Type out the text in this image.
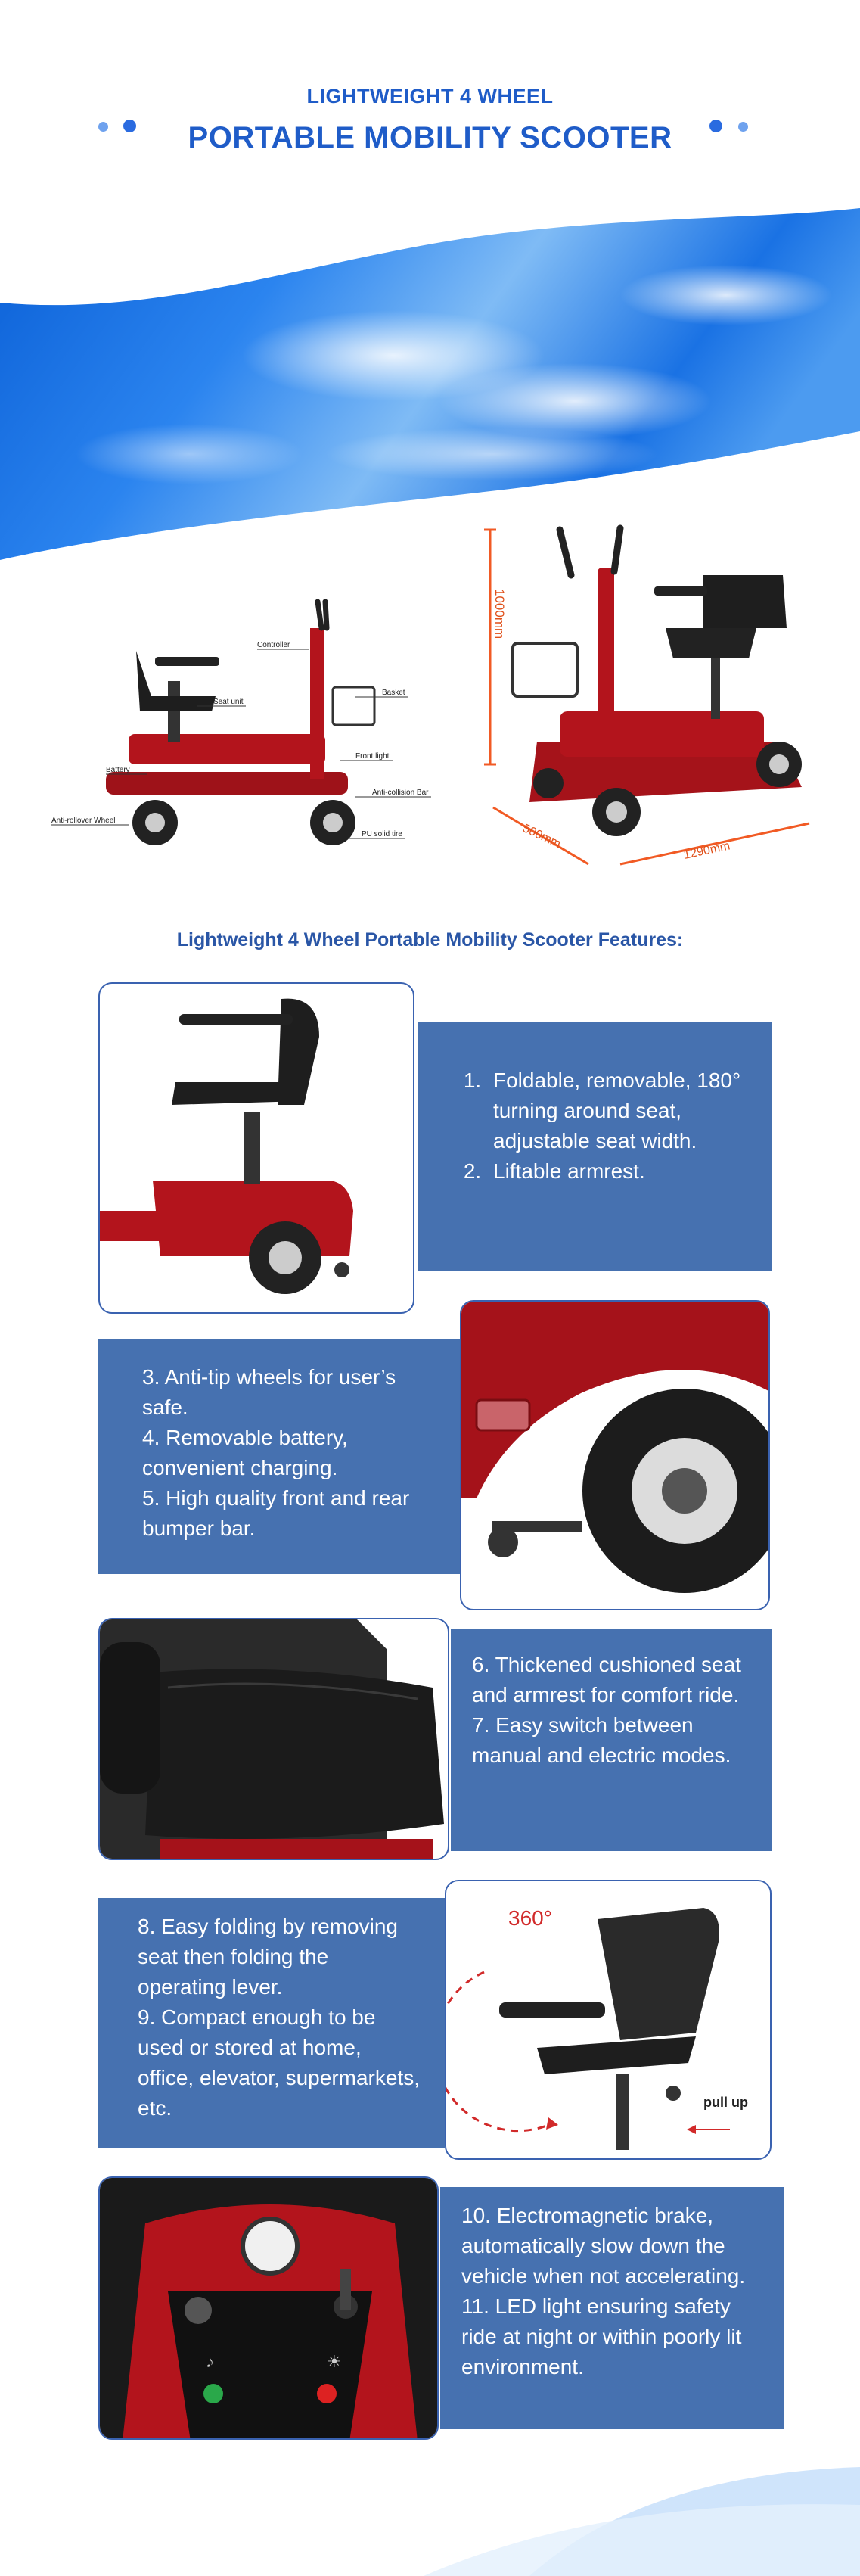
LIGHTWEIGHT 4 WHEEL
PORTABLE MOBILITY SCOOTER
Controller
Basket
Seat unit
Front light
Battery
Anti-collision Bar
Anti-rollover Wheel
PU solid tire
1000mm
500mm	1290mm
Lightweight 4 Wheel Portable Mobility Scooter Features:
1. Foldable, removable, 180° turning around seat, adjustable seat width.
2. Liftable armrest.

3. Anti-tip wheels for user’s safe.

4. Removable battery, convenient charging.

5. High quality front and rear bumper bar.

6. Thickened cushioned seat and armrest for comfort ride.

7. Easy switch between manual and electric modes.

8. Easy folding by removing seat then folding the operating lever.

9. Compact enough to be used or stored at home, office, elevator, supermarkets, etc.

360°
pull up
♪	☀

10. Electromagnetic brake, automatically slow down the vehicle when not accelerating.

11. LED light ensuring safety ride at night or within poorly lit environment.
